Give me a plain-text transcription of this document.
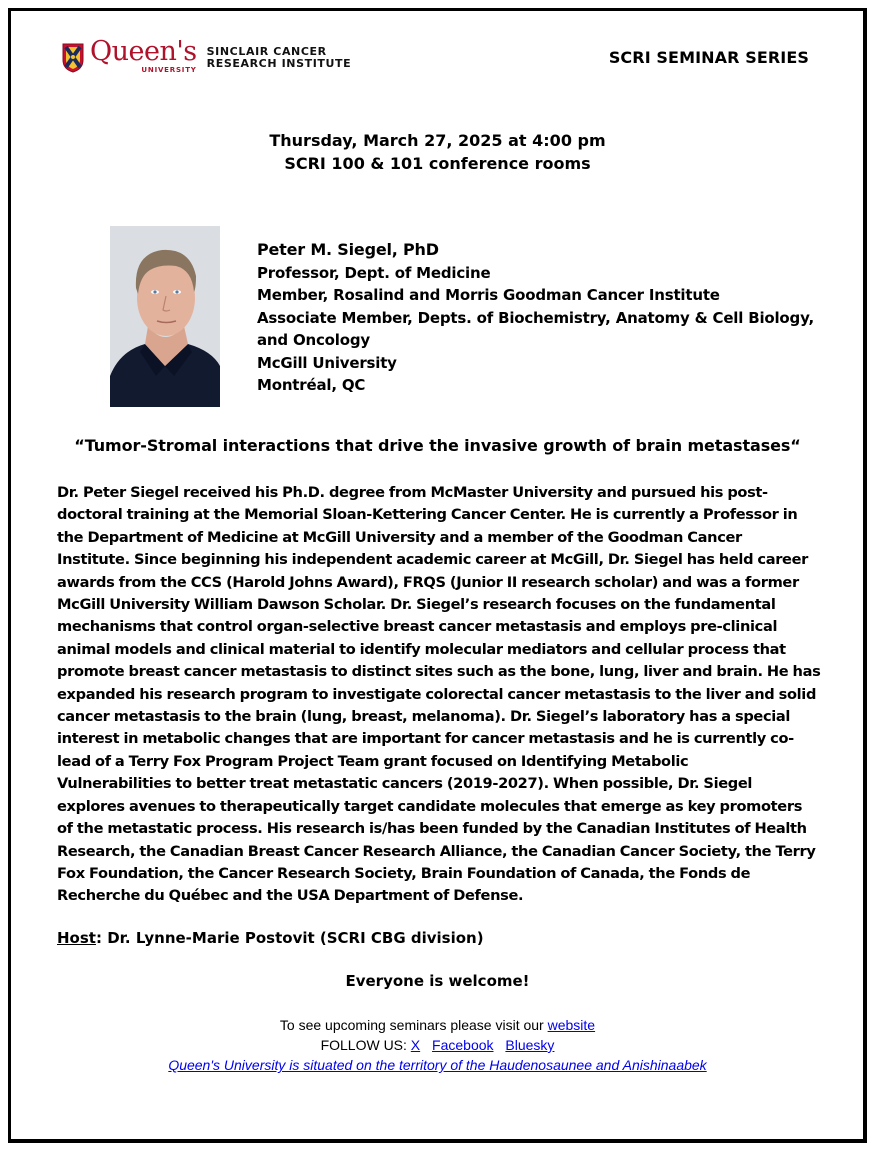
Queen's
UNIVERSITY
SINCLAIR CANCER
RESEARCH INSTITUTE	SCRI SEMINAR SERIES
Thursday, March 27, 2025 at 4:00 pm
SCRI 100 & 101 conference rooms
Peter M. Siegel, PhD
Professor, Dept. of Medicine
Member, Rosalind and Morris Goodman Cancer Institute
Associate Member, Depts. of Biochemistry, Anatomy & Cell Biology,
and Oncology
McGill University
Montréal, QC
“Tumor-Stromal interactions that drive the invasive growth of brain metastases“

Dr. Peter Siegel received his Ph.D. degree from McMaster University and pursued his post-

doctoral training at the Memorial Sloan-Kettering Cancer Center. He is currently a Professor in

the Department of Medicine at McGill University and a member of the Goodman Cancer

Institute. Since beginning his independent academic career at McGill, Dr. Siegel has held career

awards from the CCS (Harold Johns Award), FRQS (Junior II research scholar) and was a former

McGill University William Dawson Scholar. Dr. Siegel’s research focuses on the fundamental

mechanisms that control organ-selective breast cancer metastasis and employs pre-clinical

animal models and clinical material to identify molecular mediators and cellular process that

promote breast cancer metastasis to distinct sites such as the bone, lung, liver and brain. He has

expanded his research program to investigate colorectal cancer metastasis to the liver and solid

cancer metastasis to the brain (lung, breast, melanoma). Dr. Siegel’s laboratory has a special

interest in metabolic changes that are important for cancer metastasis and he is currently co-

lead of a Terry Fox Program Project Team grant focused on Identifying Metabolic

Vulnerabilities to better treat metastatic cancers (2019-2027). When possible, Dr. Siegel

explores avenues to therapeutically target candidate molecules that emerge as key promoters

of the metastatic process. His research is/has been funded by the Canadian Institutes of Health

Research, the Canadian Breast Cancer Research Alliance, the Canadian Cancer Society, the Terry

Fox Foundation, the Cancer Research Society, Brain Foundation of Canada, the Fonds de

Recherche du Québec and the USA Department of Defense.

Host: Dr. Lynne-Marie Postovit (SCRI CBG division)
Everyone is welcome!
To see upcoming seminars please visit our website
FOLLOW US: X Facebook Bluesky
Queen's University is situated on the territory of the Haudenosaunee and Anishinaabek
